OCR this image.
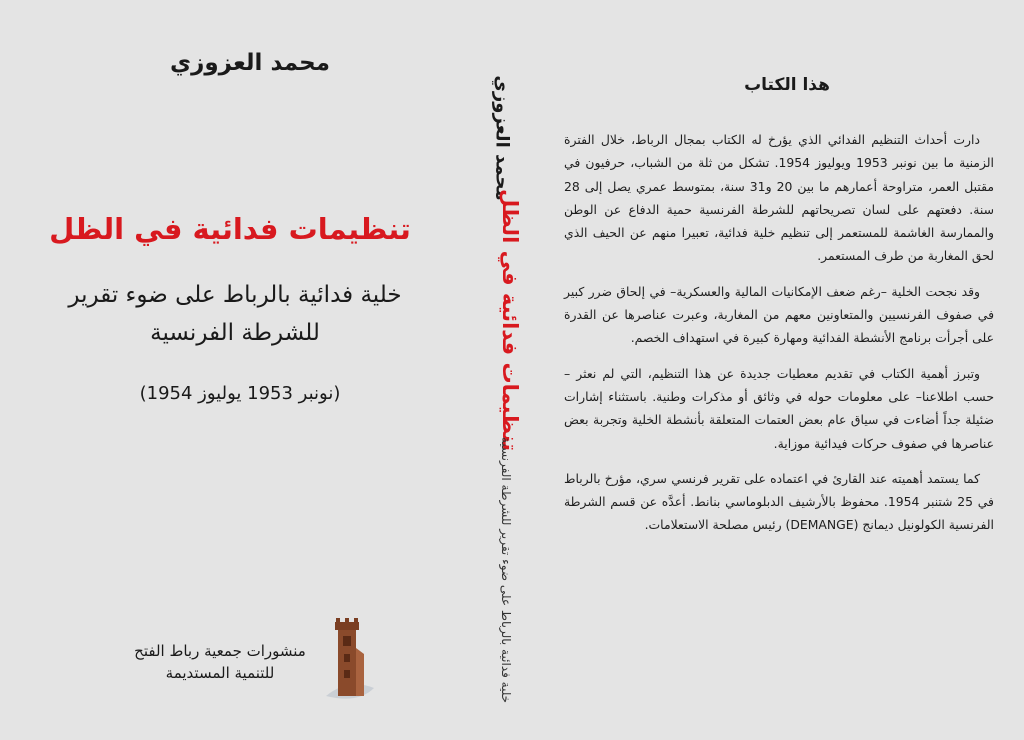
محمد العزوزي
تنظيمات فدائية في الظل
خلية فدائية بالرباط على ضوء تقرير للشرطة الفرنسية
(نونبر 1953 يوليوز 1954)
منشورات جمعية رباط الفتح
للتنمية المستديمة
محمد العزوزي
تنظيمات فدائية في الظل
خلية فدائية بالرباط على ضوء تقرير للشرطة الفرنسية
هذا الكتاب

دارت أحداث التنظيم الفدائي الذي يؤرخ له الكتاب بمجال الرباط، خلال الفترة الزمنية ما بين نونبر 1953 ويوليوز 1954. تشكل من ثلة من الشباب، حرفيون في مقتبل العمر، متراوحة أعمارهم ما بين 20 و31 سنة، بمتوسط عمري يصل إلى 28 سنة. دفعتهم على لسان تصريحاتهم للشرطة الفرنسية حمية الدفاع عن الوطن والممارسة الغاشمة للمستعمر إلى تنظيم خلية فدائية، تعبيرا منهم عن الحيف الذي لحق المغاربة من طرف المستعمر.

وقد نجحت الخلية –رغم ضعف الإمكانيات المالية والعسكرية– في إلحاق ضرر كبير في صفوف الفرنسيين والمتعاونين معهم من المغاربة، وعبرت عناصرها عن القدرة على أجرأت برنامج الأنشطة الفدائية ومهارة كبيرة في استهداف الخصم.

وتبرز أهمية الكتاب في تقديم معطيات جديدة عن هذا التنظيم، التي لم نعثر –حسب اطلاعنا– على معلومات حوله في وثائق أو مذكرات وطنية. باستثناء إشارات ضئيلة جداً أضاءت في سياق عام بعض العتمات المتعلقة بأنشطة الخلية وتجربة بعض عناصرها في صفوف حركات فيدائية موزاية.

كما يستمد أهميته عند القارئ في اعتماده على تقرير فرنسي سري، مؤرخ بالرباط في 25 شتنبر 1954. محفوظ بالأرشيف الدبلوماسي بنانط. أعدَّه عن قسم الشرطة الفرنسية الكولونيل ديمانج (DEMANGE) رئيس مصلحة الاستعلامات.
